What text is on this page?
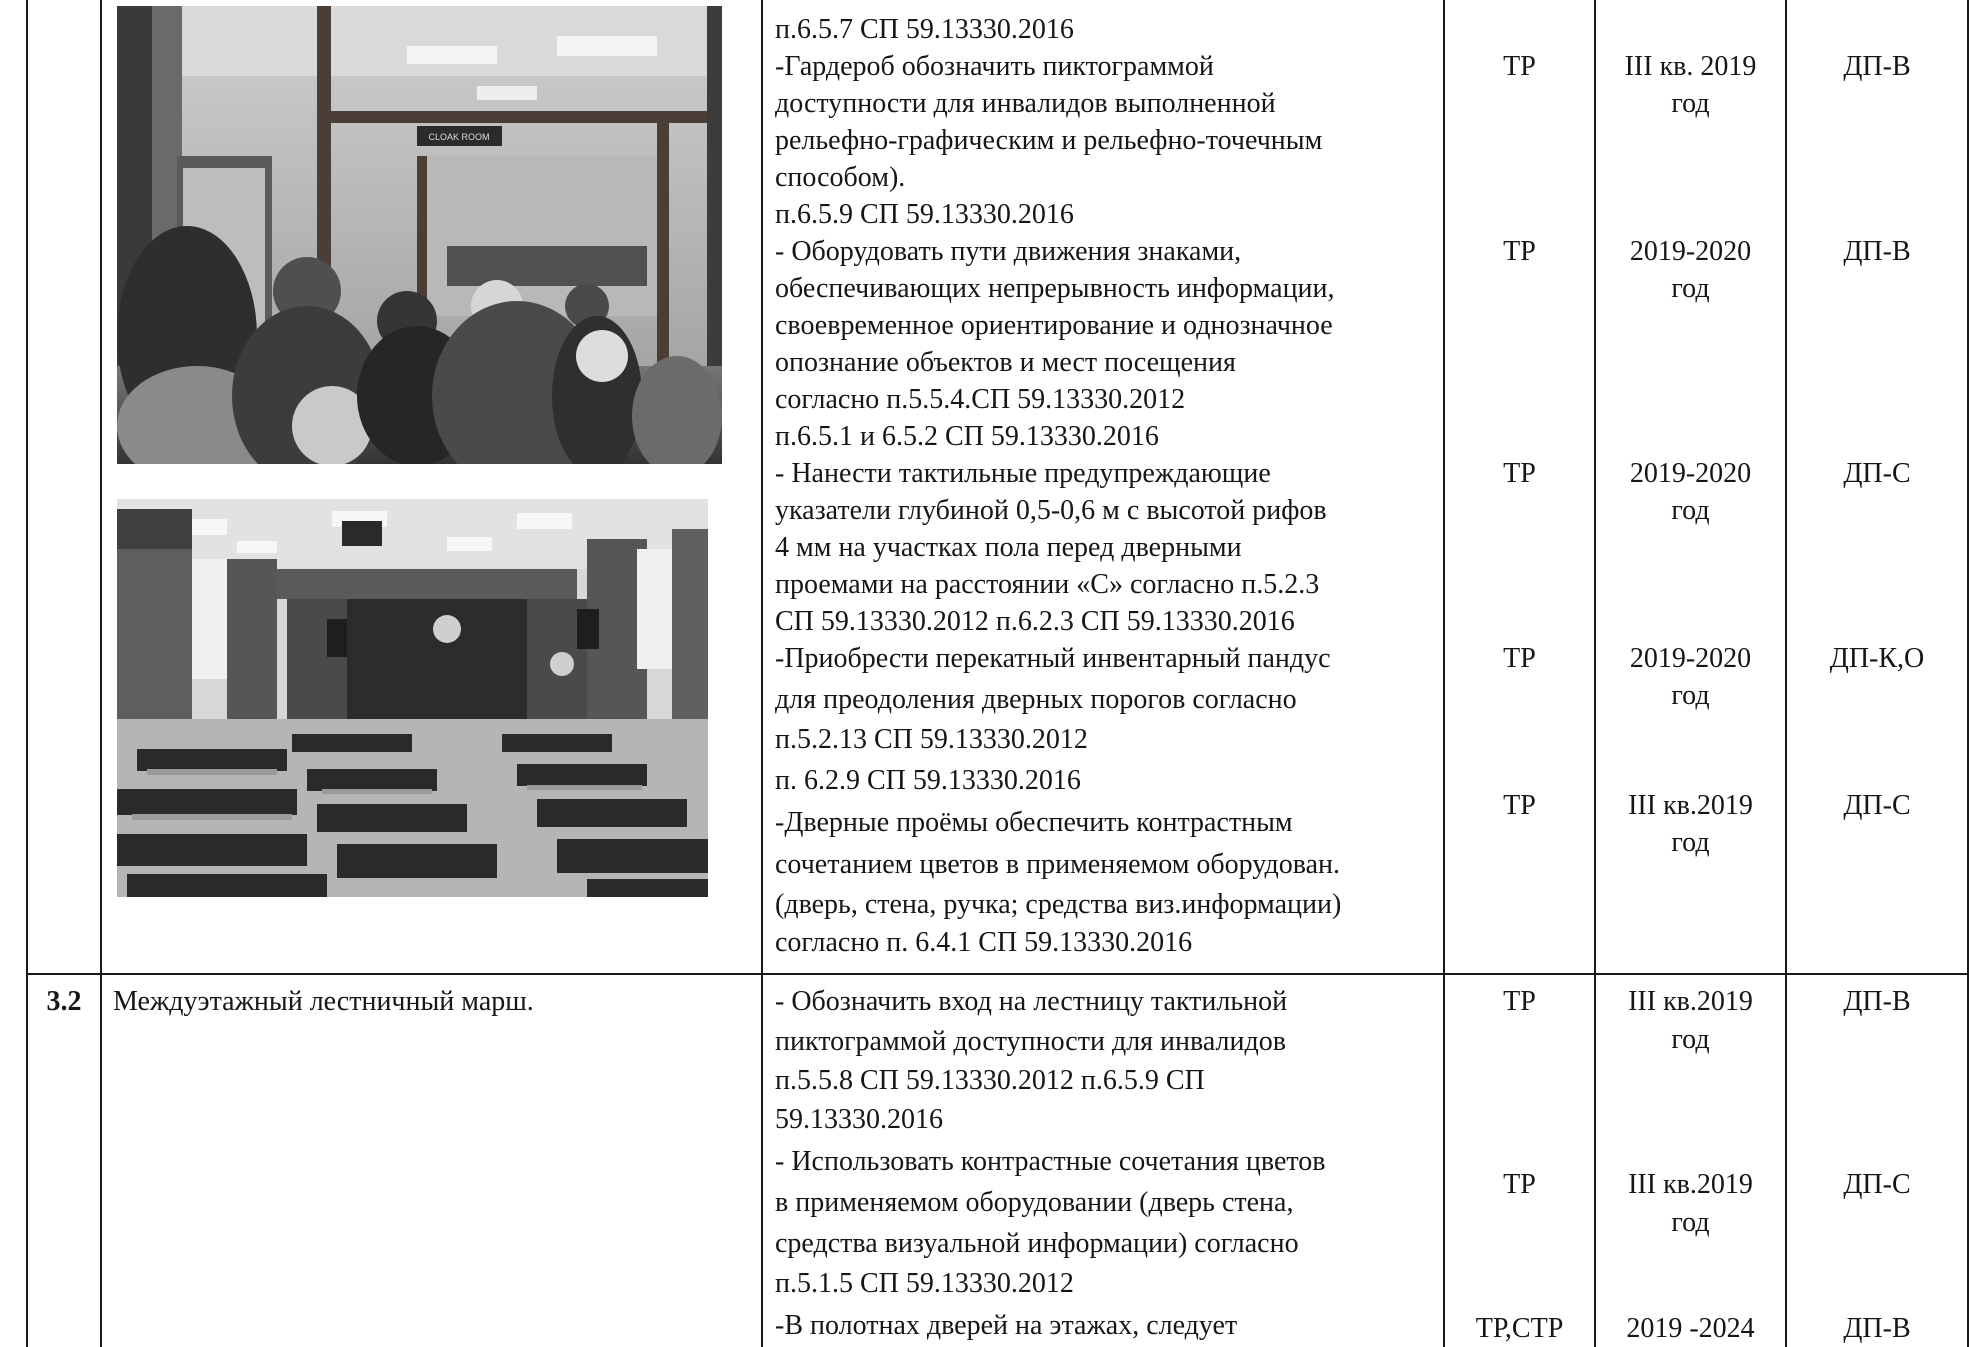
CLOAK ROOM
п.6.5.7 СП 59.13330.2016
-Гардероб обозначить пиктограммой
доступности для инвалидов выполненной
рельефно-графическим и рельефно-точечным
способом).
п.6.5.9 СП 59.13330.2016
- Оборудовать пути движения знаками,
обеспечивающих непрерывность информации,
своевременное ориентирование и однозначное
опознание объектов и мест посещения
согласно п.5.5.4.СП 59.13330.2012
п.6.5.1 и 6.5.2 СП 59.13330.2016
- Нанести тактильные предупреждающие
указатели глубиной 0,5-0,6 м с высотой рифов
4 мм на участках пола перед дверными
проемами на расстоянии «С» согласно п.5.2.3
СП 59.13330.2012 п.6.2.3 СП 59.13330.2016
-Приобрести перекатный инвентарный пандус
для преодоления дверных порогов согласно
п.5.2.13 СП 59.13330.2012
п. 6.2.9 СП 59.13330.2016
-Дверные проёмы обеспечить контрастным
сочетанием цветов в применяемом оборудован.
(дверь, стена, ручка; средства виз.информации)
согласно п. 6.4.1 СП 59.13330.2016
ТР
ТР
ТР
ТР
ТР
III кв. 2019
год
2019-2020
год
2019-2020
год
2019-2020
год
III кв.2019
год
ДП-В
ДП-В
ДП-С
ДП-К,О
ДП-С
3.2	Междуэтажный лестничный марш.	- Обозначить вход на лестницу тактильной
пиктограммой доступности для инвалидов
п.5.5.8 СП 59.13330.2012 п.6.5.9 СП
59.13330.2016
- Использовать контрастные сочетания цветов
в применяемом оборудовании (дверь стена,
средства визуальной информации) согласно
п.5.1.5 СП 59.13330.2012
-В полотнах дверей на этажах, следует
ТР
ТР
ТР,СТР
III кв.2019
год
III кв.2019
год
2019 -2024
ДП-В
ДП-С
ДП-В
